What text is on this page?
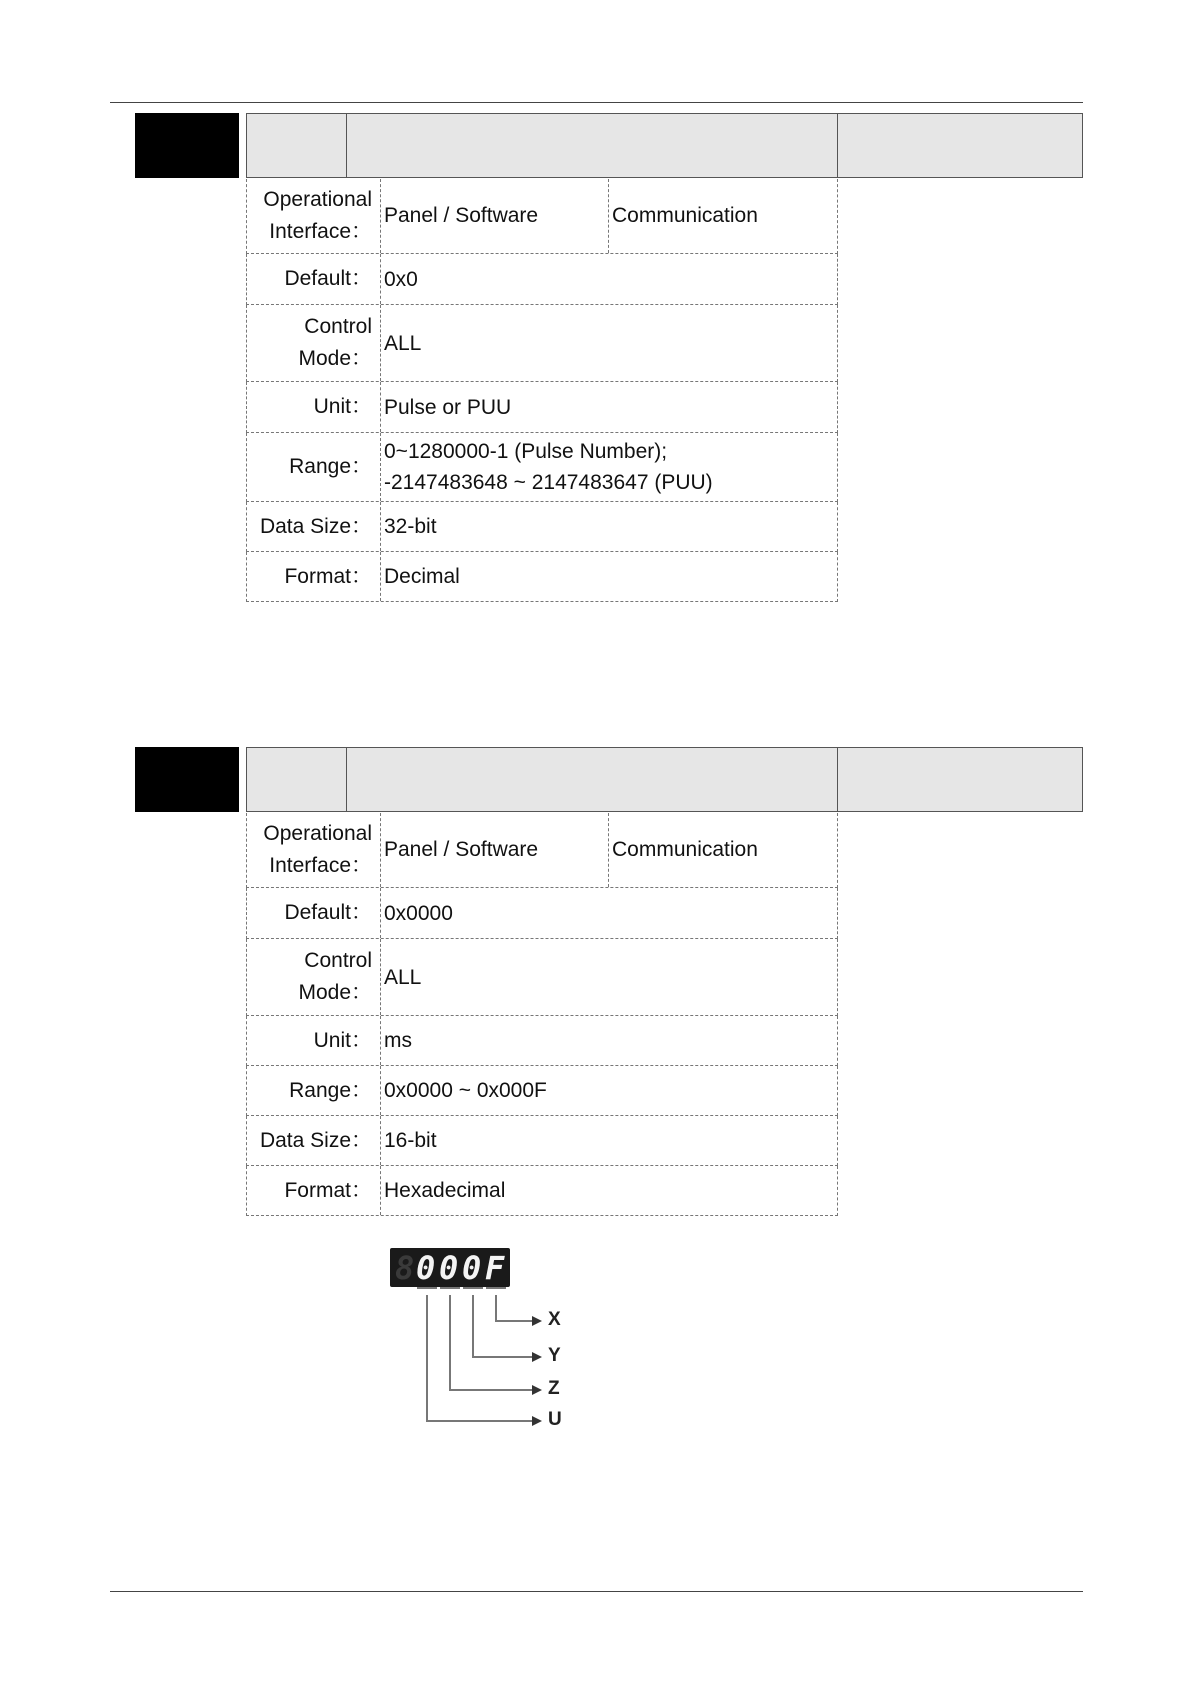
Operational
Interface：
Panel / Software	Communication
Default： 0x0
Control
Mode：
ALL
Unit： Pulse or PUU
Range：
0~1280000-1 (Pulse Number);
-2147483648 ~ 2147483647 (PUU)
Data Size： 32-bit
Format： Decimal
Operational
Interface：
Panel / Software	Communication
Default： 0x0000
Control
Mode：
ALL
Unit： ms
Range： 0x0000 ~ 0x000F
Data Size： 16-bit
Format： Hexadecimal
8 0 0 0 F
X
Y
Z
U
